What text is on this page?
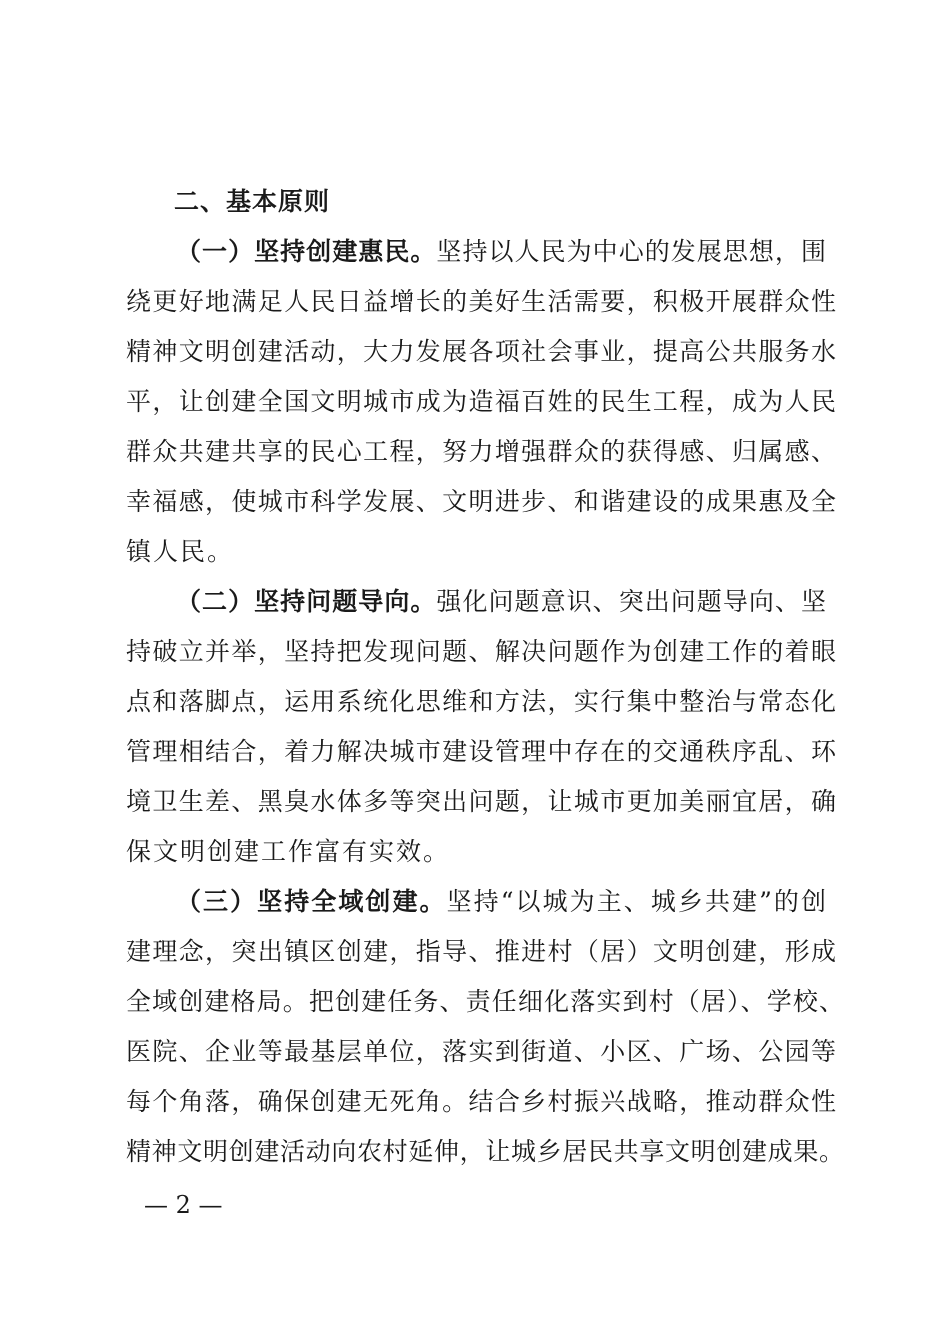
二、基本原则

（一）坚持创建惠民。坚持以人民为中心的发展思想，围

绕更好地满足人民日益增长的美好生活需要，积极开展群众性

精神文明创建活动，大力发展各项社会事业，提高公共服务水

平，让创建全国文明城市成为造福百姓的民生工程，成为人民

群众共建共享的民心工程，努力增强群众的获得感、归属感、

幸福感，使城市科学发展、文明进步、和谐建设的成果惠及全

镇人民。

（二）坚持问题导向。强化问题意识、突出问题导向、坚

持破立并举，坚持把发现问题、解决问题作为创建工作的着眼

点和落脚点，运用系统化思维和方法，实行集中整治与常态化

管理相结合，着力解决城市建设管理中存在的交通秩序乱、环

境卫生差、黑臭水体多等突出问题，让城市更加美丽宜居，确

保文明创建工作富有实效。

（三）坚持全域创建。坚持“以城为主、城乡共建”的创

建理念，突出镇区创建，指导、推进村（居）文明创建，形成

全域创建格局。把创建任务、责任细化落实到村（居）、学校、

医院、企业等最基层单位，落实到街道、小区、广场、公园等

每个角落，确保创建无死角。结合乡村振兴战略，推动群众性

精神文明创建活动向农村延伸，让城乡居民共享文明创建成果。

— 2 —
